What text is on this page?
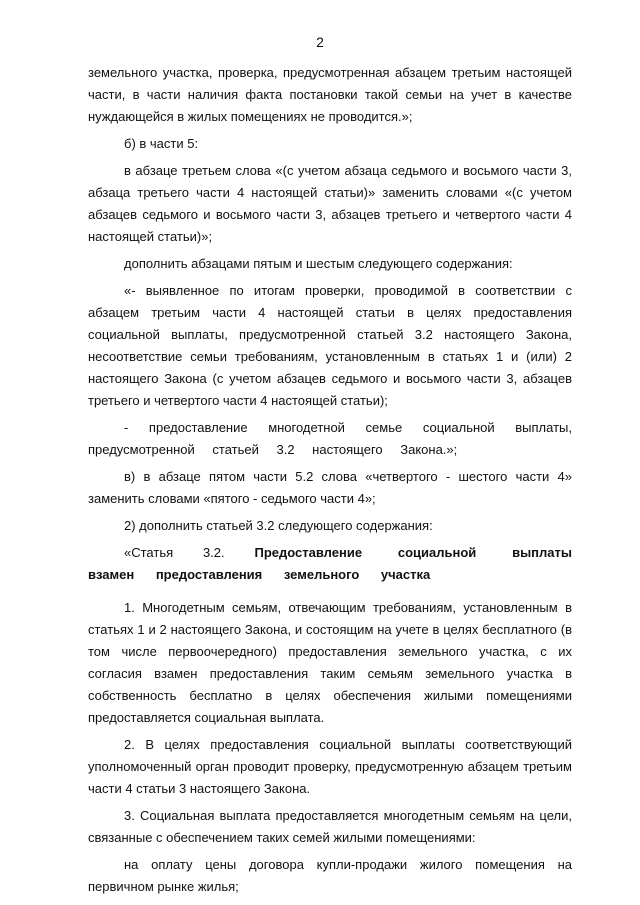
2

земельного участка, проверка, предусмотренная абзацем третьим настоящей части, в части наличия факта постановки такой семьи на учет в качестве нуждающейся в жилых помещениях не проводится.»;

б) в части 5:

в абзаце третьем слова «(с учетом абзаца седьмого и восьмого части 3, абзаца третьего части 4 настоящей статьи)» заменить словами «(с учетом абзацев седьмого и восьмого части 3, абзацев третьего и четвертого части 4 настоящей статьи)»;

дополнить абзацами пятым и шестым следующего содержания:

«- выявленное по итогам проверки, проводимой в соответствии с абзацем третьим части 4 настоящей статьи в целях предоставления социальной выплаты, предусмотренной статьей 3.2 настоящего Закона, несоответствие семьи требованиям, установленным в статьях 1 и (или) 2 настоящего Закона (с учетом абзацев седьмого и восьмого части 3, абзацев третьего и четвертого части 4 настоящей статьи);

- предоставление многодетной семье социальной выплаты, предусмотренной статьей 3.2 настоящего Закона.»;

в) в абзаце пятом части 5.2 слова «четвертого - шестого части 4» заменить словами «пятого - седьмого части 4»;

2) дополнить статьей 3.2 следующего содержания:

«Статья 3.2. Предоставление социальной выплаты взамен предоставления земельного участка

1. Многодетным семьям, отвечающим требованиям, установленным в статьях 1 и 2 настоящего Закона, и состоящим на учете в целях бесплатного (в том числе первоочередного) предоставления земельного участка, с их согласия взамен предоставления таким семьям земельного участка в собственность бесплатно в целях обеспечения жилыми помещениями предоставляется социальная выплата.

2. В целях предоставления социальной выплаты соответствующий уполномоченный орган проводит проверку, предусмотренную абзацем третьим части 4 статьи 3 настоящего Закона.

3. Социальная выплата предоставляется многодетным семьям на цели, связанные с обеспечением таких семей жилыми помещениями:

на оплату цены договора купли-продажи жилого помещения на первичном рынке жилья;
